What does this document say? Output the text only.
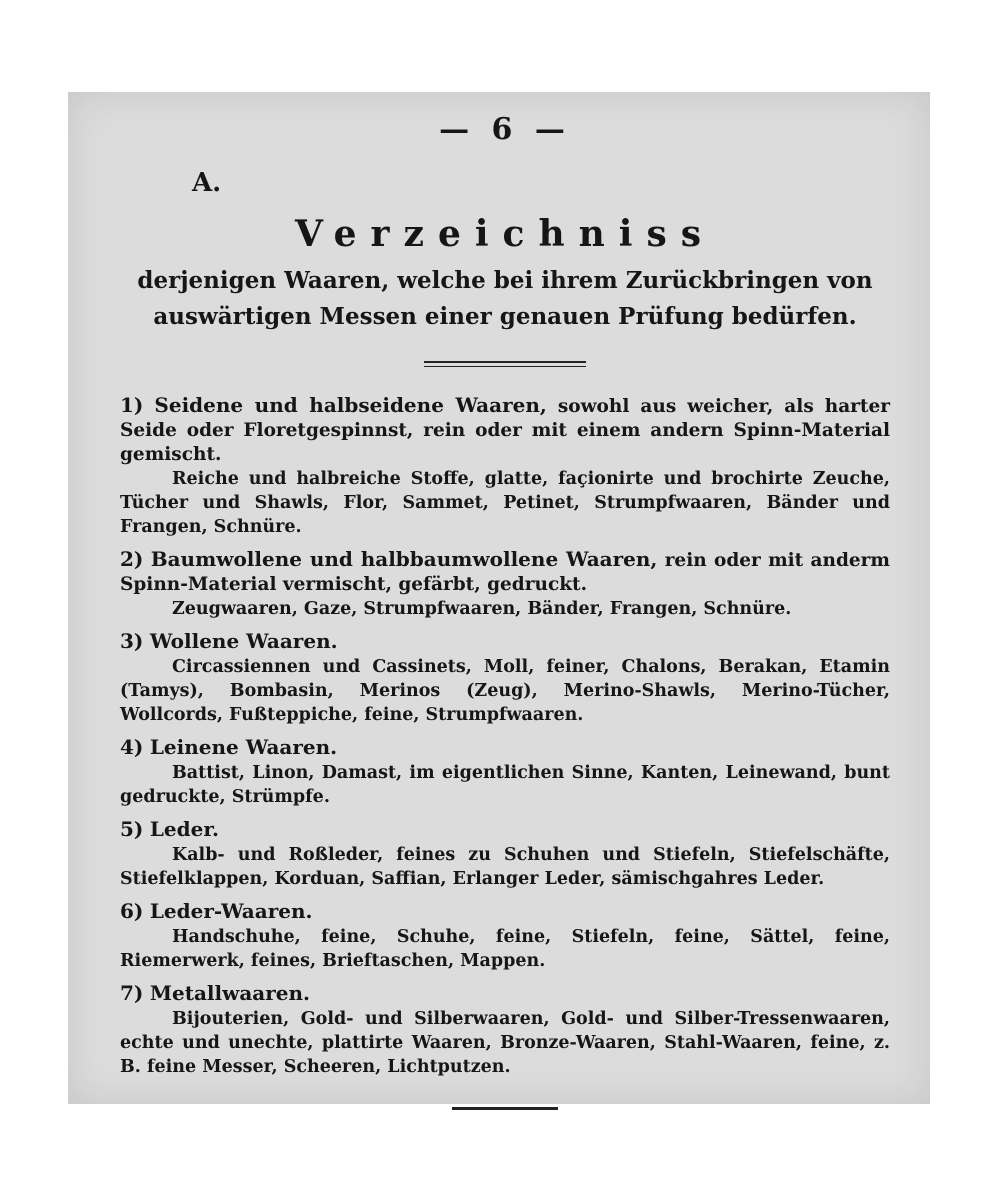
— 6 —
A.
Verzeichniss
derjenigen Waaren, welche bei ihrem Zurückbringen von auswärtigen Messen einer genauen Prüfung bedürfen.
1) Seidene und halbseidene Waaren, sowohl aus weicher, als harter Seide oder Floretgespinnst, rein oder mit einem andern Spinn-Material gemischt.
Reiche und halbreiche Stoffe, glatte, façionirte und brochirte Zeuche, Tücher und Shawls, Flor, Sammet, Petinet, Strumpfwaaren, Bänder und Frangen, Schnüre.
2) Baumwollene und halbbaumwollene Waaren, rein oder mit anderm Spinn-Material vermischt, gefärbt, gedruckt.
Zeugwaaren, Gaze, Strumpfwaaren, Bänder, Frangen, Schnüre.
3) Wollene Waaren.
Circassiennen und Cassinets, Moll, feiner, Chalons, Berakan, Etamin (Tamys), Bombasin, Merinos (Zeug), Merino-Shawls, Merino-Tücher, Wollcords, Fußteppiche, feine, Strumpfwaaren.
4) Leinene Waaren.
Battist, Linon, Damast, im eigentlichen Sinne, Kanten, Leinewand, bunt gedruckte, Strümpfe.
5) Leder.
Kalb- und Roßleder, feines zu Schuhen und Stiefeln, Stiefelschäfte, Stiefelklappen, Korduan, Saffian, Erlanger Leder, sämischgahres Leder.
6) Leder-Waaren.
Handschuhe, feine, Schuhe, feine, Stiefeln, feine, Sättel, feine, Riemerwerk, feines, Brieftaschen, Mappen.
7) Metallwaaren.
Bijouterien, Gold- und Silberwaaren, Gold- und Silber-Tressenwaaren, echte und unechte, plattirte Waaren, Bronze-Waaren, Stahl-Waaren, feine, z. B. feine Messer, Scheeren, Lichtputzen.
